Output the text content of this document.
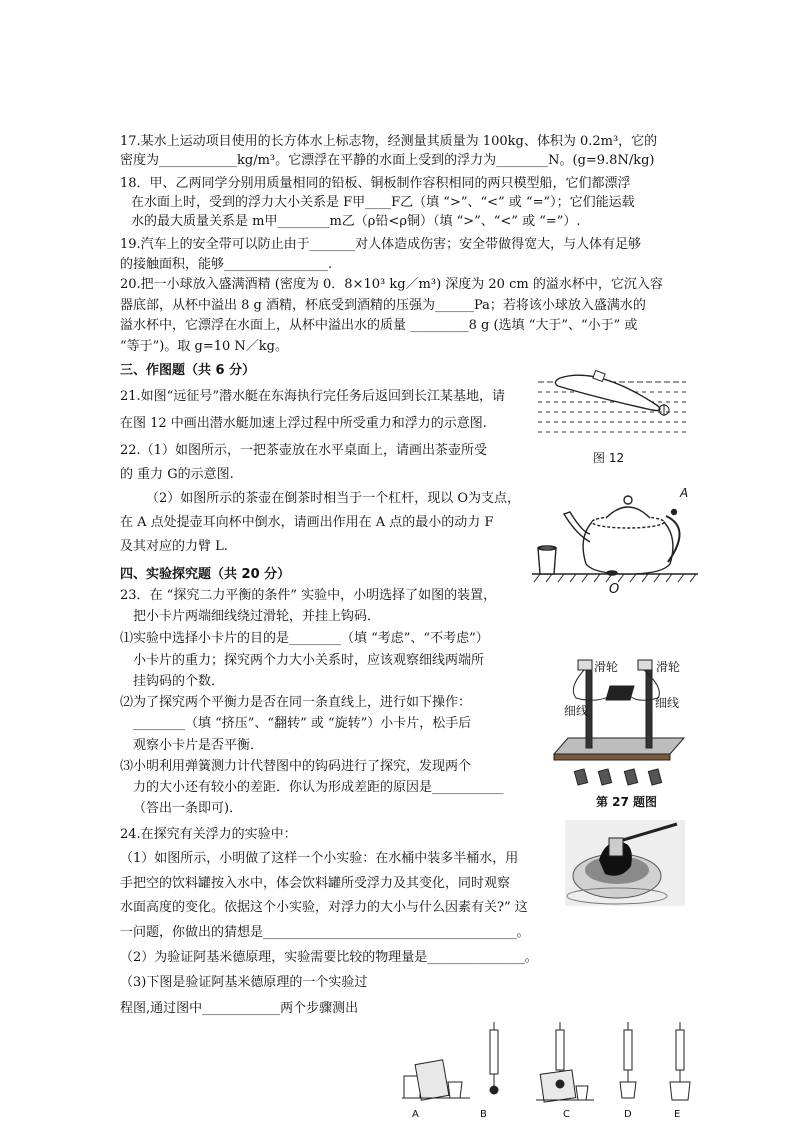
17.某水上运动项目使用的长方体水上标志物，经测量其质量为 100kg、体积为 0.2m³，它的
密度为____________kg/m³。它漂浮在平静的水面上受到的浮力为________N。(g=9.8N/kg)
18．甲、乙两同学分别用质量相同的铅板、铜板制作容积相同的两只模型船，它们都漂浮
在水面上时，受到的浮力大小关系是 F甲____F乙（填 “>”、“<” 或 “=”）；它们能运载
水的最大质量关系是 m甲________m乙（ρ铅<ρ铜）（填 “>”、“<” 或 “=”）.
19.汽车上的安全带可以防止由于_______对人体造成伤害；安全带做得宽大，与人体有足够
的接触面积，能够________________.
20.把一小球放入盛满酒精 (密度为 0．8×10³ kg／m³) 深度为 20 cm 的溢水杯中，它沉入容
器底部，从杯中溢出 8 g 酒精，杯底受到酒精的压强为______Pa；若将该小球放入盛满水的
溢水杯中，它漂浮在水面上，从杯中溢出水的质量 _________8 g (选填 “大于”、“小于” 或
“等于”)。取 g=10 N／kg。
三、作图题（共 6 分）
21.如图“远征号”潜水艇在东海执行完任务后返回到长江某基地，请
在图 12 中画出潜水艇加速上浮过程中所受重力和浮力的示意图.
图 12
22.（1）如图所示，一把茶壶放在水平桌面上，请画出茶壶所受
的 重力 G的示意图.
（2）如图所示的茶壶在倒茶时相当于一个杠杆，现以 O为支点，
在 A 点处提壶耳向杯中倒水，请画出作用在 A 点的最小的动力 F
及其对应的力臂 L.
A
O
四、实验探究题（共 20 分）
23．在 “探究二力平衡的条件” 实验中，小明选择了如图的装置，
把小卡片两端细线绕过滑轮，并挂上钩码．
⑴实验中选择小卡片的目的是________（填 “考虑”、“不考虑”）
小卡片的重力；探究两个力大小关系时，应该观察细线两端所
挂钩码的个数．
⑵为了探究两个平衡力是否在同一条直线上，进行如下操作：
________（填 “挤压”、“翻转” 或 “旋转”）小卡片，松手后
观察小卡片是否平衡．
⑶小明利用弹簧测力计代替图中的钩码进行了探究，发现两个
力的大小还有较小的差距．你认为形成差距的原因是___________
（答出一条即可)．
滑轮	滑轮
细线
细线
第 27 题图
24.在探究有关浮力的实验中：
（1）如图所示，小明做了这样一个小实验：在水桶中装多半桶水，用
手把空的饮料罐按入水中，体会饮料罐所受浮力及其变化，同时观察
水面高度的变化。依据这个小实验，对浮力的大小与什么因素有关?” 这
一问题，你做出的猜想是_______________________________________。
（2）为验证阿基米德原理，实验需要比较的物理量是_______________。
（3)下图是验证阿基米德原理的一个实验过
程图,通过图中____________两个步骤测出
A	B	C	D	E
